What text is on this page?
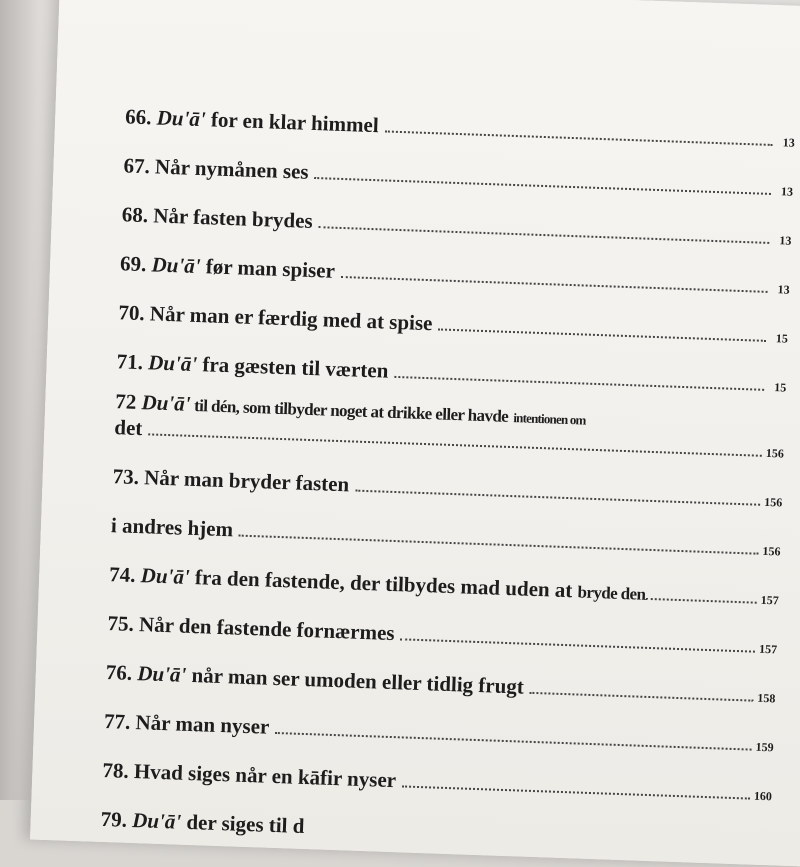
66. Du'ā' for en klar himmel
13
67. Når nymånen ses
13
68. Når fasten brydes
13
69. Du'ā' før man spiser
13
70. Når man er færdig med at spise
15
71. Du'ā' fra gæsten til værten
15
72 Du'ā' til dén, som tilbyder noget at drikke eller havde intentionen om
det
156
73. Når man bryder fasten
156
i andres hjem
156
74. Du'ā' fra den fastende, der tilbydes mad uden at bryde den	157
75. Når den fastende fornærmes
157
76. Du'ā' når man ser umoden eller tidlig frugt	158
77. Når man nyser
159
78. Hvad siges når en kāfir nyser
160
79. Du'ā' der siges til d
